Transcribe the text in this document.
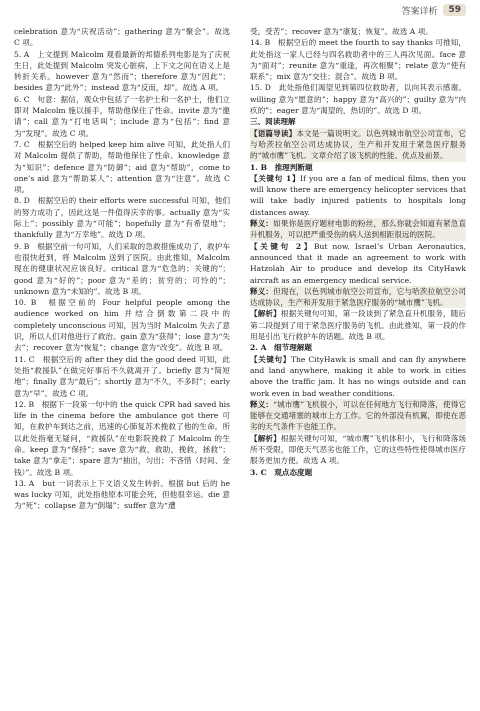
答案详析	59

celebration 意为“庆祝活动”；gathering 意为“聚会”。故选 C 项。

5. A　上文提到 Malcolm 观看最新的邦德系列电影是为了庆祝生日，此处提到 Malcolm 突发心脏病，上下文之间在语义上是转折关系。however 意为“然而”；therefore 意为“因此”；besides 意为“此外”；instead 意为“反而，却”。故选 A 项。

6. C　句意：据信，观众中包括了一名护士和一名护士，他们立即对 Malcolm 施以援手，帮助他保住了性命。invite 意为“邀请”；call 意为“打电话叫”；include 意为“包括”；find 意为“发现”。故选 C 项。

7. C　根据空后的 helped keep him alive 可知，此处指人们对 Malcolm 提供了帮助，帮助他保住了性命。knowledge 意为“知识”；defence 意为“防御”；aid 意为“帮助”，come to one’s aid 意为“帮助某人”；attention 意为“注意”。故选 C 项。

8. D　根据空后的 their efforts were successful 可知，他们的努力成功了，因此这是一件值得庆幸的事。actually 意为“实际上”；possibly 意为“可能”；hopefully 意为“有希望地”；thankfully 意为“万幸地”。故选 D 项。

9. B　根据空前一句可知，人们采取的急救措施成功了，救护车也很快赶到，将 Malcolm 送到了医院。由此推知，Malcolm 现在的健康状况应该良好。critical 意为“危急的；关键的”；good 意为“好的”；poor 意为“差的；贫穷的；可怜的”；unknown 意为“未知的”。故选 B 项。

10. B　根据空前的 Four helpful people among the audience worked on him 并结合倒数第二段中的 completely unconscious 可知，因为当时 Malcolm 失去了意识，所以人们对他进行了救治。gain 意为“获得”；lose 意为“失去”；recover 意为“恢复”；change 意为“改变”。故选 B 项。

11. C　根据空后的 after they did the good deed 可知，此处指“救援队”在做完好事后不久就离开了。briefly 意为“简短地”；finally 意为“最后”；shortly 意为“不久，不多时”；early 意为“早”。故选 C 项。

12. B　根据下一段第一句中的 the quick CPR had saved his life in the cinema before the ambulance got there 可知，在救护车到达之前，迅速的心肺复苏术挽救了他的生命。所以此处指毫无疑问，“救援队”在电影院挽救了 Malcolm 的生命。keep 意为“保持”；save 意为“救，救助，挽救，拯救”；take 意为“拿走”；spare 意为“抽出，匀出；不吝惜（时间、金钱）”。故选 B 项。

13. A　but 一词表示上下文语义发生转折。根据 but 后的 he was lucky 可知，此处指他原本可能会死，但他很幸运。die 意为“死”；collapse 意为“倒塌”；suffer 意为“遭

受，受苦”；recover 意为“康复；恢复”。故选 A 项。

14. B　根据空后的 meet the fourth to say thanks 可推知，此处指这一家人已经与四名救助者中的三人再次见面。face 意为“面对”；reunite 意为“重逢，再次相聚”；relate 意为“使有联系”；mix 意为“交往；混合”。故选 B 项。

15. D　此处指他们渴望见到第四位救助者，以向其表示感谢。willing 意为“愿意的”；happy 意为“高兴的”；guilty 意为“内疚的”；eager 意为“渴望的，热切的”。故选 D 项。

三、阅读理解

【语篇导读】本文是一篇说明文。以色列城市航空公司宣布，它与哈茨拉航空公司达成协议，生产和开发用于紧急医疗服务的“城市鹰”飞机。文章介绍了该飞机的性能、优点及前景。

1. B　推理判断题

【关键句 1】If you are a fan of medical films, then you will know there are emergency helicopter services that will take badly injured patients to hospitals long distances away.

释义：如果你是医疗题材电影的粉丝，那么你就会知道有紧急直升机服务，可以把严重受伤的病人送到相距很远的医院。

【关键句 2】But now, Israel’s Urban Aeronautics, announced that it made an agreement to work with Hatzolah Air to produce and develop its CityHawk aircraft as an emergency medical service.

释义：但现在，以色列城市航空公司宣布，它与哈茨拉航空公司达成协议，生产和开发用于紧急医疗服务的“城市鹰”飞机。

【解析】根据关键句可知，第一段谈到了紧急直升机服务，随后第二段提到了用于紧急医疗服务的飞机。由此推知，第一段的作用是引出飞行救护车的话题。故选 B 项。

2. A　细节理解题

【关键句】The CityHawk is small and can fly anywhere and land anywhere, making it able to work in cities above the traffic jam. It has no wings outside and can work even in bad weather conditions.

释义：“城市鹰”飞机很小，可以在任何地方飞行和降落，使得它能够在交通堵塞的城市上方工作。它的外部没有机翼，即使在恶劣的天气条件下也能工作。

【解析】根据关键句可知，“城市鹰”飞机体积小，飞行和降落场所不受限，即使天气恶劣也能工作，它的这些特性使得城市医疗服务更加方便。故选 A 项。

3. C　观点态度题
